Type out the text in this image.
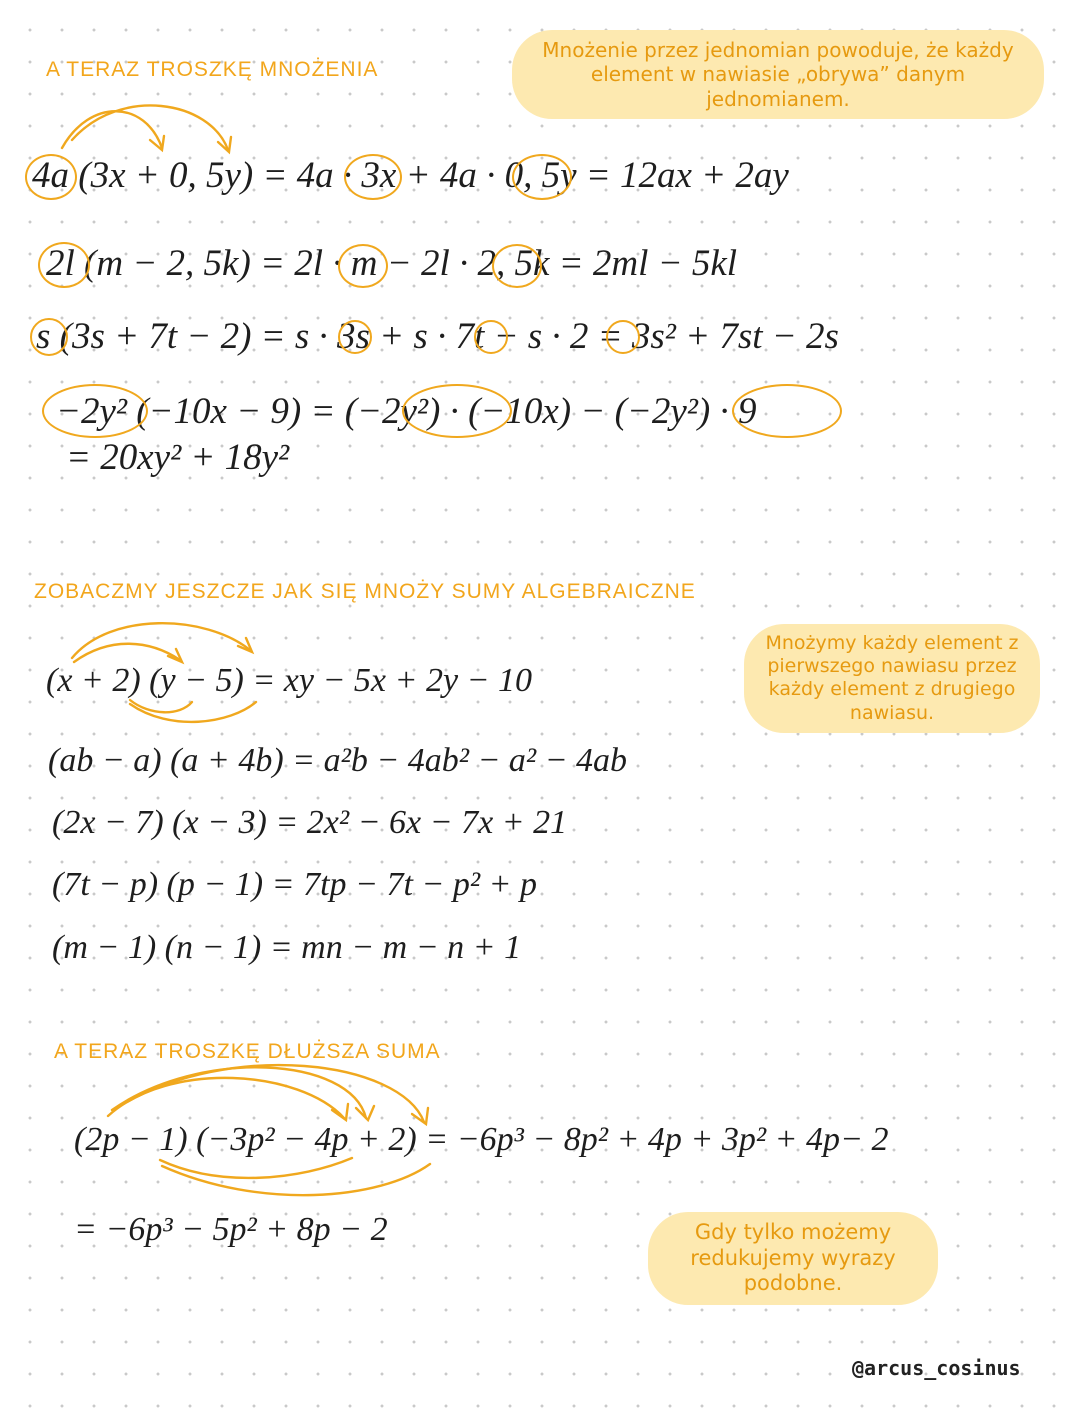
A TERAZ TROSZKĘ MNOŻENIA
Mnożenie przez jednomian powoduje, że każdy element w nawiasie „obrywa” danym jednomianem.
4a (3x + 0, 5y) = 4a · 3x + 4a · 0, 5y = 12ax + 2ay
2l (m − 2, 5k) = 2l · m − 2l · 2, 5k = 2ml − 5kl
s (3s + 7t − 2) = s · 3s + s · 7t − s · 2 = 3s² + 7st − 2s
−2y² (−10x − 9) = (−2y²) · (−10x) − (−2y²) · 9
= 20xy² + 18y²
ZOBACZMY JESZCZE JAK SIĘ MNOŻY SUMY ALGEBRAICZNE
Mnożymy każdy element z pierwszego nawiasu przez każdy element z drugiego nawiasu.
(x + 2) (y − 5) = xy − 5x + 2y − 10
(ab − a) (a + 4b) = a²b − 4ab² − a² − 4ab
(2x − 7) (x − 3) = 2x² − 6x − 7x + 21
(7t − p) (p − 1) = 7tp − 7t − p² + p
(m − 1) (n − 1) = mn − m − n + 1
A TERAZ TROSZKĘ DŁUŻSZA SUMA
(2p − 1) (−3p² − 4p + 2) = −6p³ − 8p² + 4p + 3p² + 4p− 2
= −6p³ − 5p² + 8p − 2	Gdy tylko możemy redukujemy wyrazy podobne.
@arcus_cosinus
